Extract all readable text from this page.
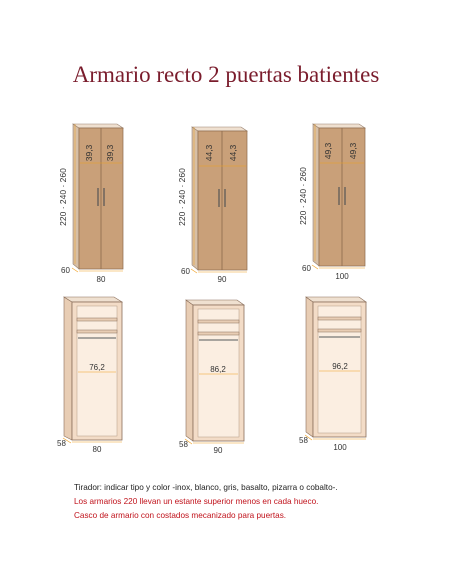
Armario recto 2 puertas batientes
39,3 39,3
220 · 240 · 260
60
80
44,3 44,3
220 · 240 · 260
60
90
49,3 49,3
220 · 240 · 260
60
100
76,2
58
80
86,2
58
90
96,2
58
100
Tirador: indicar tipo y color -inox, blanco, gris, basalto, pizarra o cobalto-.
Los armarios 220 llevan un estante superior menos en cada hueco.
Casco de armario con costados mecanizado para puertas.
